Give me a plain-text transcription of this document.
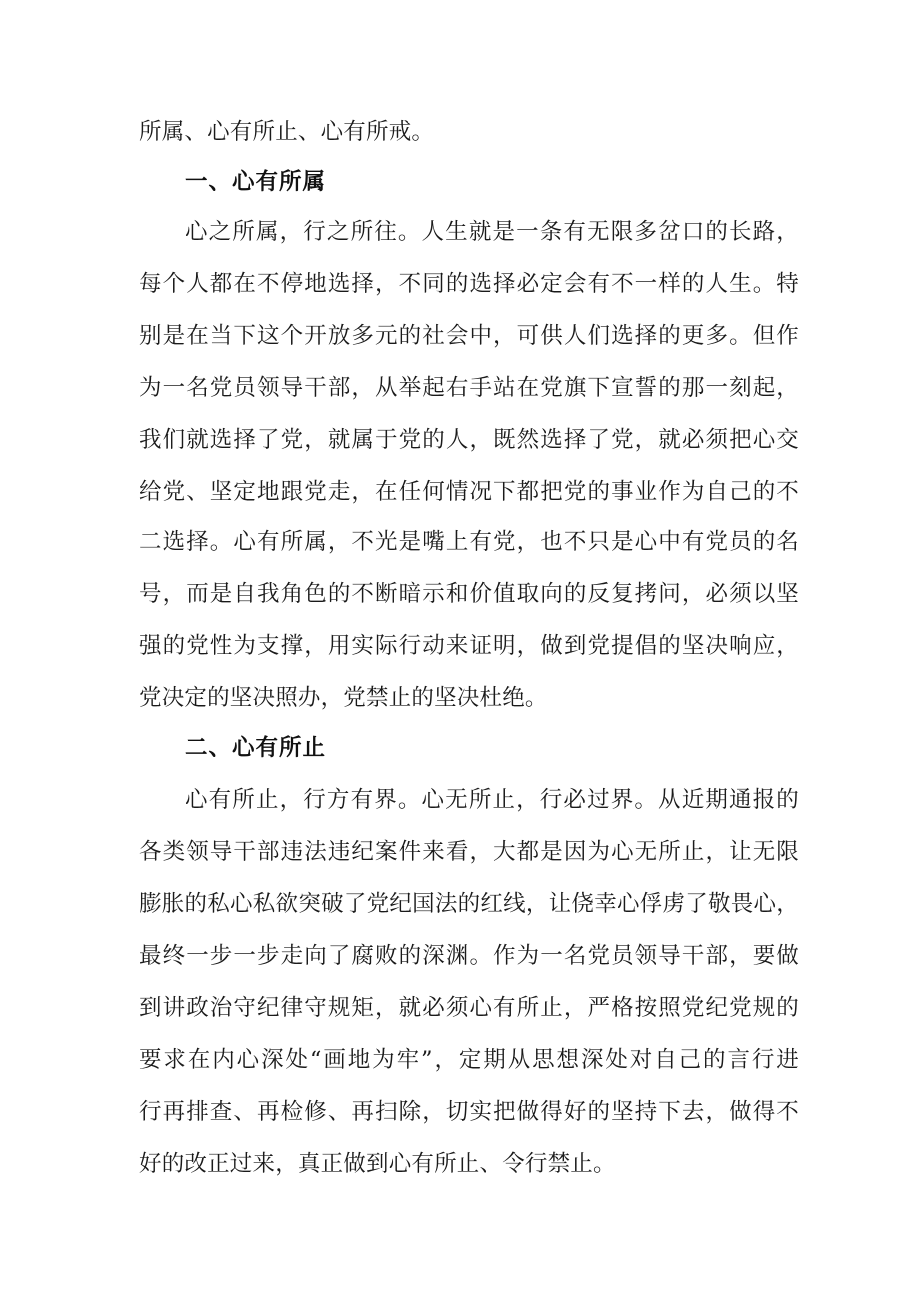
所属、心有所止、心有所戒。
一、心有所属
心之所属，行之所往。人生就是一条有无限多岔口的长路，
每个人都在不停地选择，不同的选择必定会有不一样的人生。特
别是在当下这个开放多元的社会中，可供人们选择的更多。但作
为一名党员领导干部，从举起右手站在党旗下宣誓的那一刻起，
我们就选择了党，就属于党的人，既然选择了党，就必须把心交
给党、坚定地跟党走，在任何情况下都把党的事业作为自己的不
二选择。心有所属，不光是嘴上有党，也不只是心中有党员的名
号，而是自我角色的不断暗示和价值取向的反复拷问，必须以坚
强的党性为支撑，用实际行动来证明，做到党提倡的坚决响应，
党决定的坚决照办，党禁止的坚决杜绝。
二、心有所止
心有所止，行方有界。心无所止，行必过界。从近期通报的
各类领导干部违法违纪案件来看，大都是因为心无所止，让无限
膨胀的私心私欲突破了党纪国法的红线，让侥幸心俘虏了敬畏心，
最终一步一步走向了腐败的深渊。作为一名党员领导干部，要做
到讲政治守纪律守规矩，就必须心有所止，严格按照党纪党规的
要求在内心深处“画地为牢”，定期从思想深处对自己的言行进
行再排查、再检修、再扫除，切实把做得好的坚持下去，做得不
好的改正过来，真正做到心有所止、令行禁止。
